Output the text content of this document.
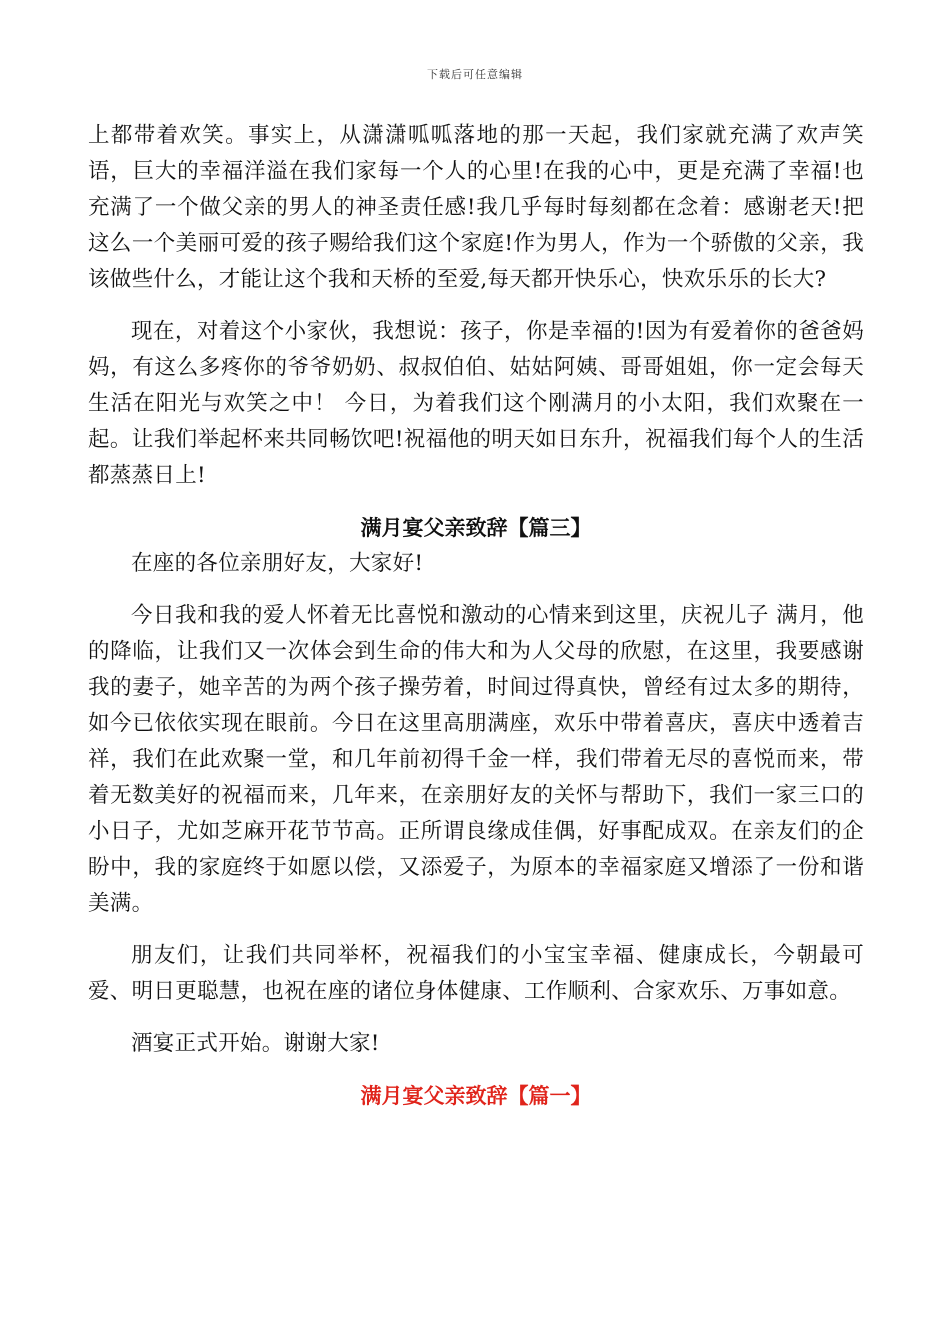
下载后可任意编辑

上都带着欢笑。事实上，从潇潇呱呱落地的那一天起，我们家就充满了欢声笑语，巨大的幸福洋溢在我们家每一个人的心里!在我的心中，更是充满了幸福!也充满了一个做父亲的男人的神圣责任感!我几乎每时每刻都在念着：感谢老天!把这么一个美丽可爱的孩子赐给我们这个家庭!作为男人，作为一个骄傲的父亲，我该做些什么，才能让这个我和天桥的至爱,每天都开快乐心，快欢乐乐的长大?

现在，对着这个小家伙，我想说：孩子，你是幸福的!因为有爱着你的爸爸妈妈，有这么多疼你的爷爷奶奶、叔叔伯伯、姑姑阿姨、哥哥姐姐，你一定会每天生活在阳光与欢笑之中！ 今日，为着我们这个刚满月的小太阳，我们欢聚在一起。让我们举起杯来共同畅饮吧!祝福他的明天如日东升，祝福我们每个人的生活都蒸蒸日上!

满月宴父亲致辞【篇三】

在座的各位亲朋好友，大家好!

今日我和我的爱人怀着无比喜悦和激动的心情来到这里，庆祝儿子 满月，他的降临，让我们又一次体会到生命的伟大和为人父母的欣慰，在这里，我要感谢我的妻子，她辛苦的为两个孩子操劳着，时间过得真快，曾经有过太多的期待，如今已依依实现在眼前。今日在这里高朋满座，欢乐中带着喜庆，喜庆中透着吉祥，我们在此欢聚一堂，和几年前初得千金一样，我们带着无尽的喜悦而来，带着无数美好的祝福而来，几年来，在亲朋好友的关怀与帮助下，我们一家三口的小日子，尤如芝麻开花节节高。正所谓良缘成佳偶，好事配成双。在亲友们的企盼中，我的家庭终于如愿以偿，又添爱子，为原本的幸福家庭又增添了一份和谐美满。

朋友们，让我们共同举杯，祝福我们的小宝宝幸福、健康成长，今朝最可爱、明日更聪慧，也祝在座的诸位身体健康、工作顺利、合家欢乐、万事如意。

酒宴正式开始。谢谢大家!

满月宴父亲致辞【篇一】
